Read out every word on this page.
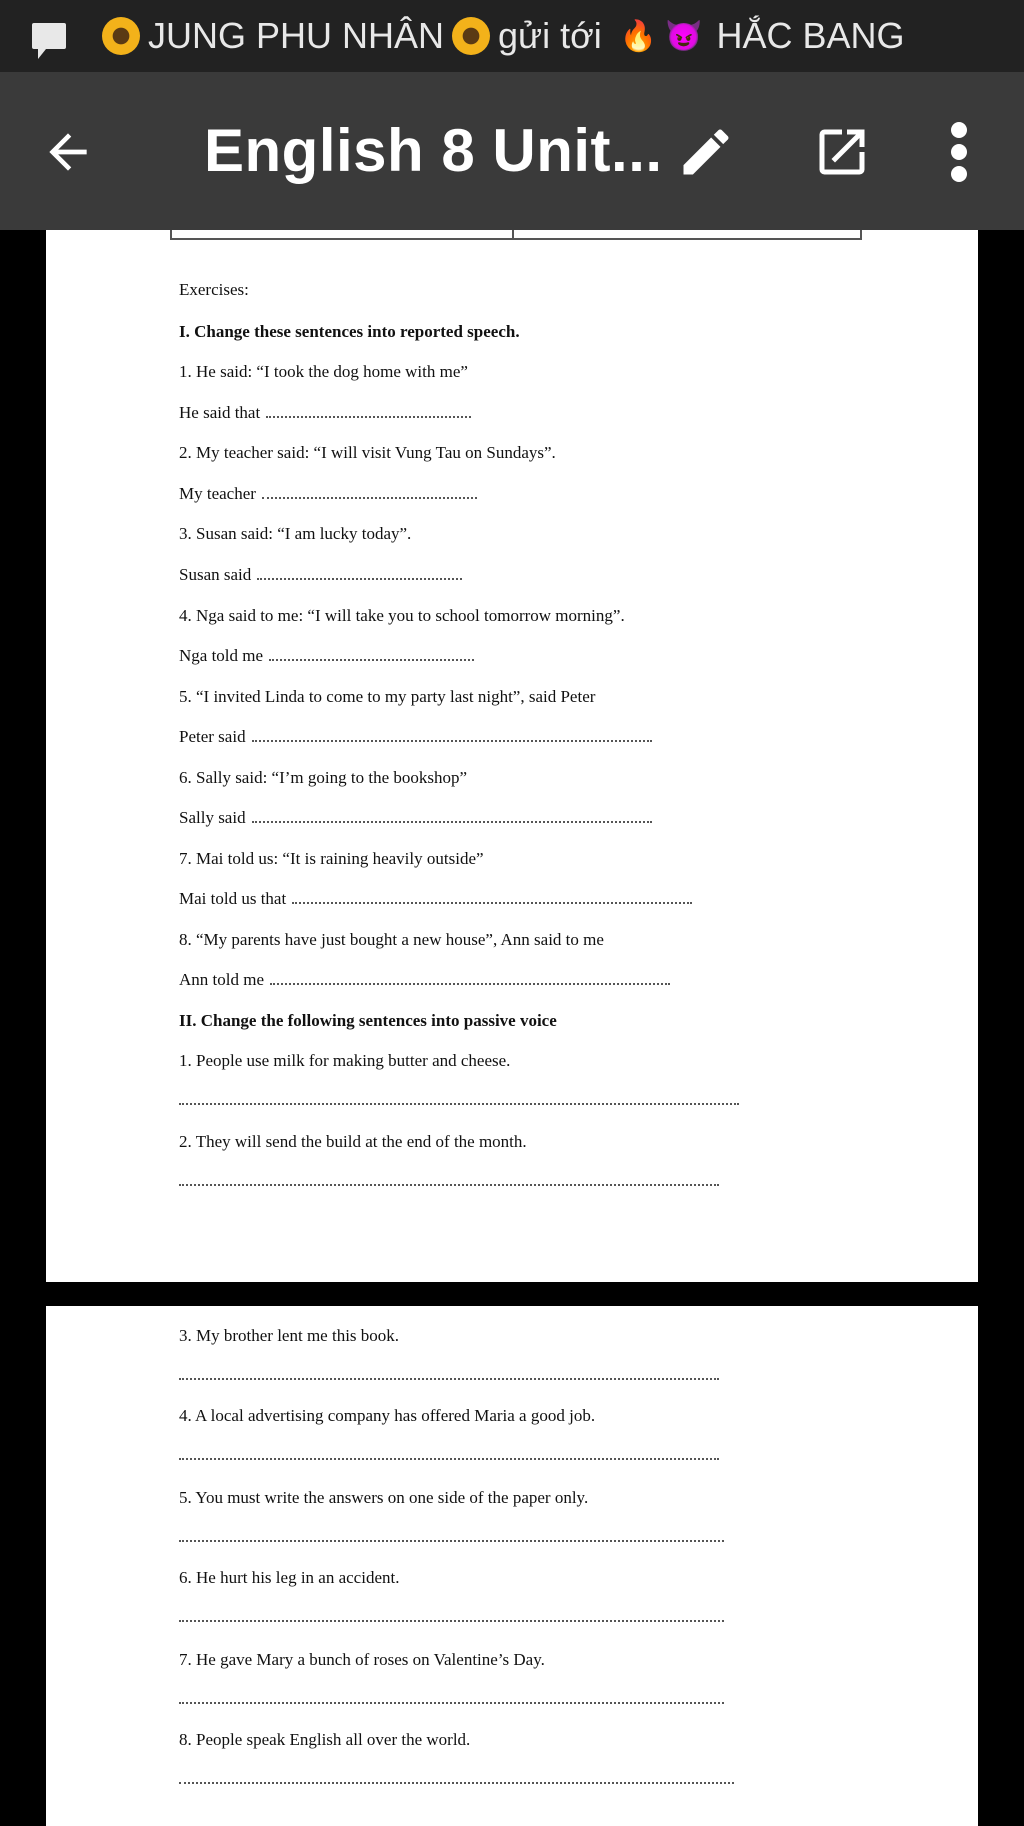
JUNG PHU NHÂN gửi tới 🔥 😈 HẮC BANG
English 8 Unit...
Exercises:
I. Change these sentences into reported speech.
1. He said: “I took the dog home with me”
He said that
2. My teacher said: “I will visit Vung Tau on Sundays”.
My teacher
3. Susan said: “I am lucky today”.
Susan said
4. Nga said to me: “I will take you to school tomorrow morning”.
Nga told me
5. “I invited Linda to come to my party last night”, said Peter
Peter said
6. Sally said: “I’m going to the bookshop”
Sally said
7. Mai told us: “It is raining heavily outside”
Mai told us that
8. “My parents have just bought a new house”, Ann said to me
Ann told me
II. Change the following sentences into passive voice
1. People use milk for making butter and cheese.
2. They will send the build at the end of the month.
3. My brother lent me this book.
4. A local advertising company has offered Maria a good job.
5. You must write the answers on one side of the paper only.
6. He hurt his leg in an accident.
7. He gave Mary a bunch of roses on Valentine’s Day.
8. People speak English all over the world.
